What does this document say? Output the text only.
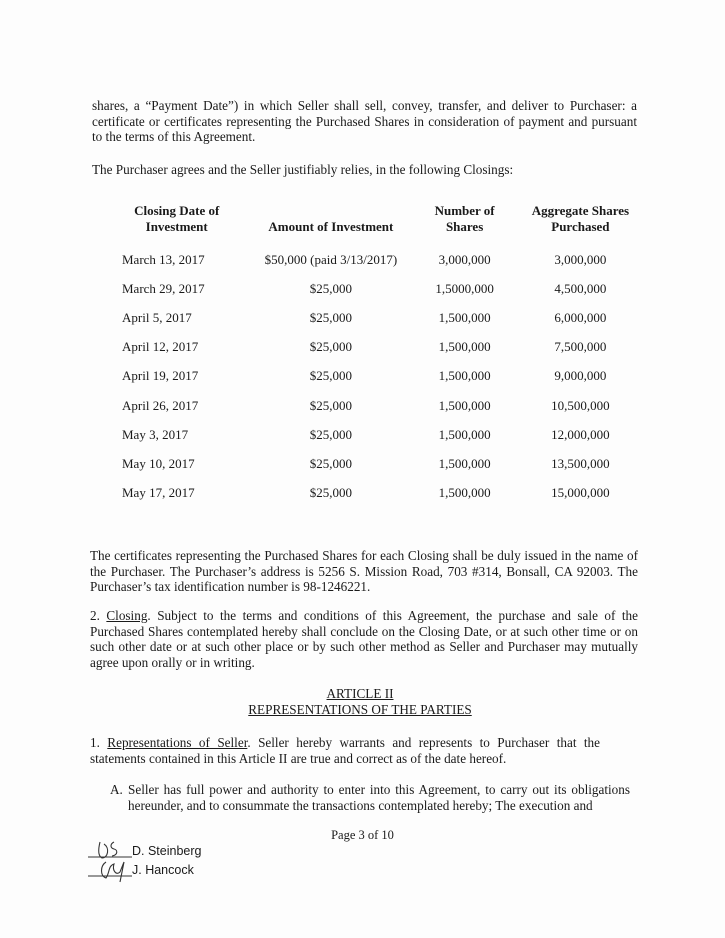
shares, a “Payment Date”) in which Seller shall sell, convey, transfer, and deliver to Purchaser: a certificate or certificates representing the Purchased Shares in consideration of payment and pursuant to the terms of this Agreement.
The Purchaser agrees and the Seller justifiably relies, in the following Closings:
Closing Date of Investment	Amount of Investment	Number of Shares	Aggregate Shares Purchased
March 13, 2017	$50,000 (paid 3/13/2017)	3,000,000	3,000,000
March 29, 2017	$25,000	1,5000,000	4,500,000
April 5, 2017	$25,000	1,500,000	6,000,000
April 12, 2017	$25,000	1,500,000	7,500,000
April 19, 2017	$25,000	1,500,000	9,000,000
April 26, 2017	$25,000	1,500,000	10,500,000
May 3, 2017	$25,000	1,500,000	12,000,000
May 10, 2017	$25,000	1,500,000	13,500,000
May 17, 2017	$25,000	1,500,000	15,000,000
The certificates representing the Purchased Shares for each Closing shall be duly issued in the name of the Purchaser. The Purchaser’s address is 5256 S. Mission Road, 703 #314, Bonsall, CA 92003. The Purchaser’s tax identification number is 98-1246221.
2. Closing. Subject to the terms and conditions of this Agreement, the purchase and sale of the Purchased Shares contemplated hereby shall conclude on the Closing Date, or at such other time or on such other date or at such other place or by such other method as Seller and Purchaser may mutually agree upon orally or in writing.
ARTICLE II
REPRESENTATIONS OF THE PARTIES
1. Representations of Seller. Seller hereby warrants and represents to Purchaser that the statements contained in this Article II are true and correct as of the date hereof.
A. Seller has full power and authority to enter into this Agreement, to carry out its obligations hereunder, and to consummate the transactions contemplated hereby; The execution and
Page 3 of 10
D. Steinberg
J. Hancock
